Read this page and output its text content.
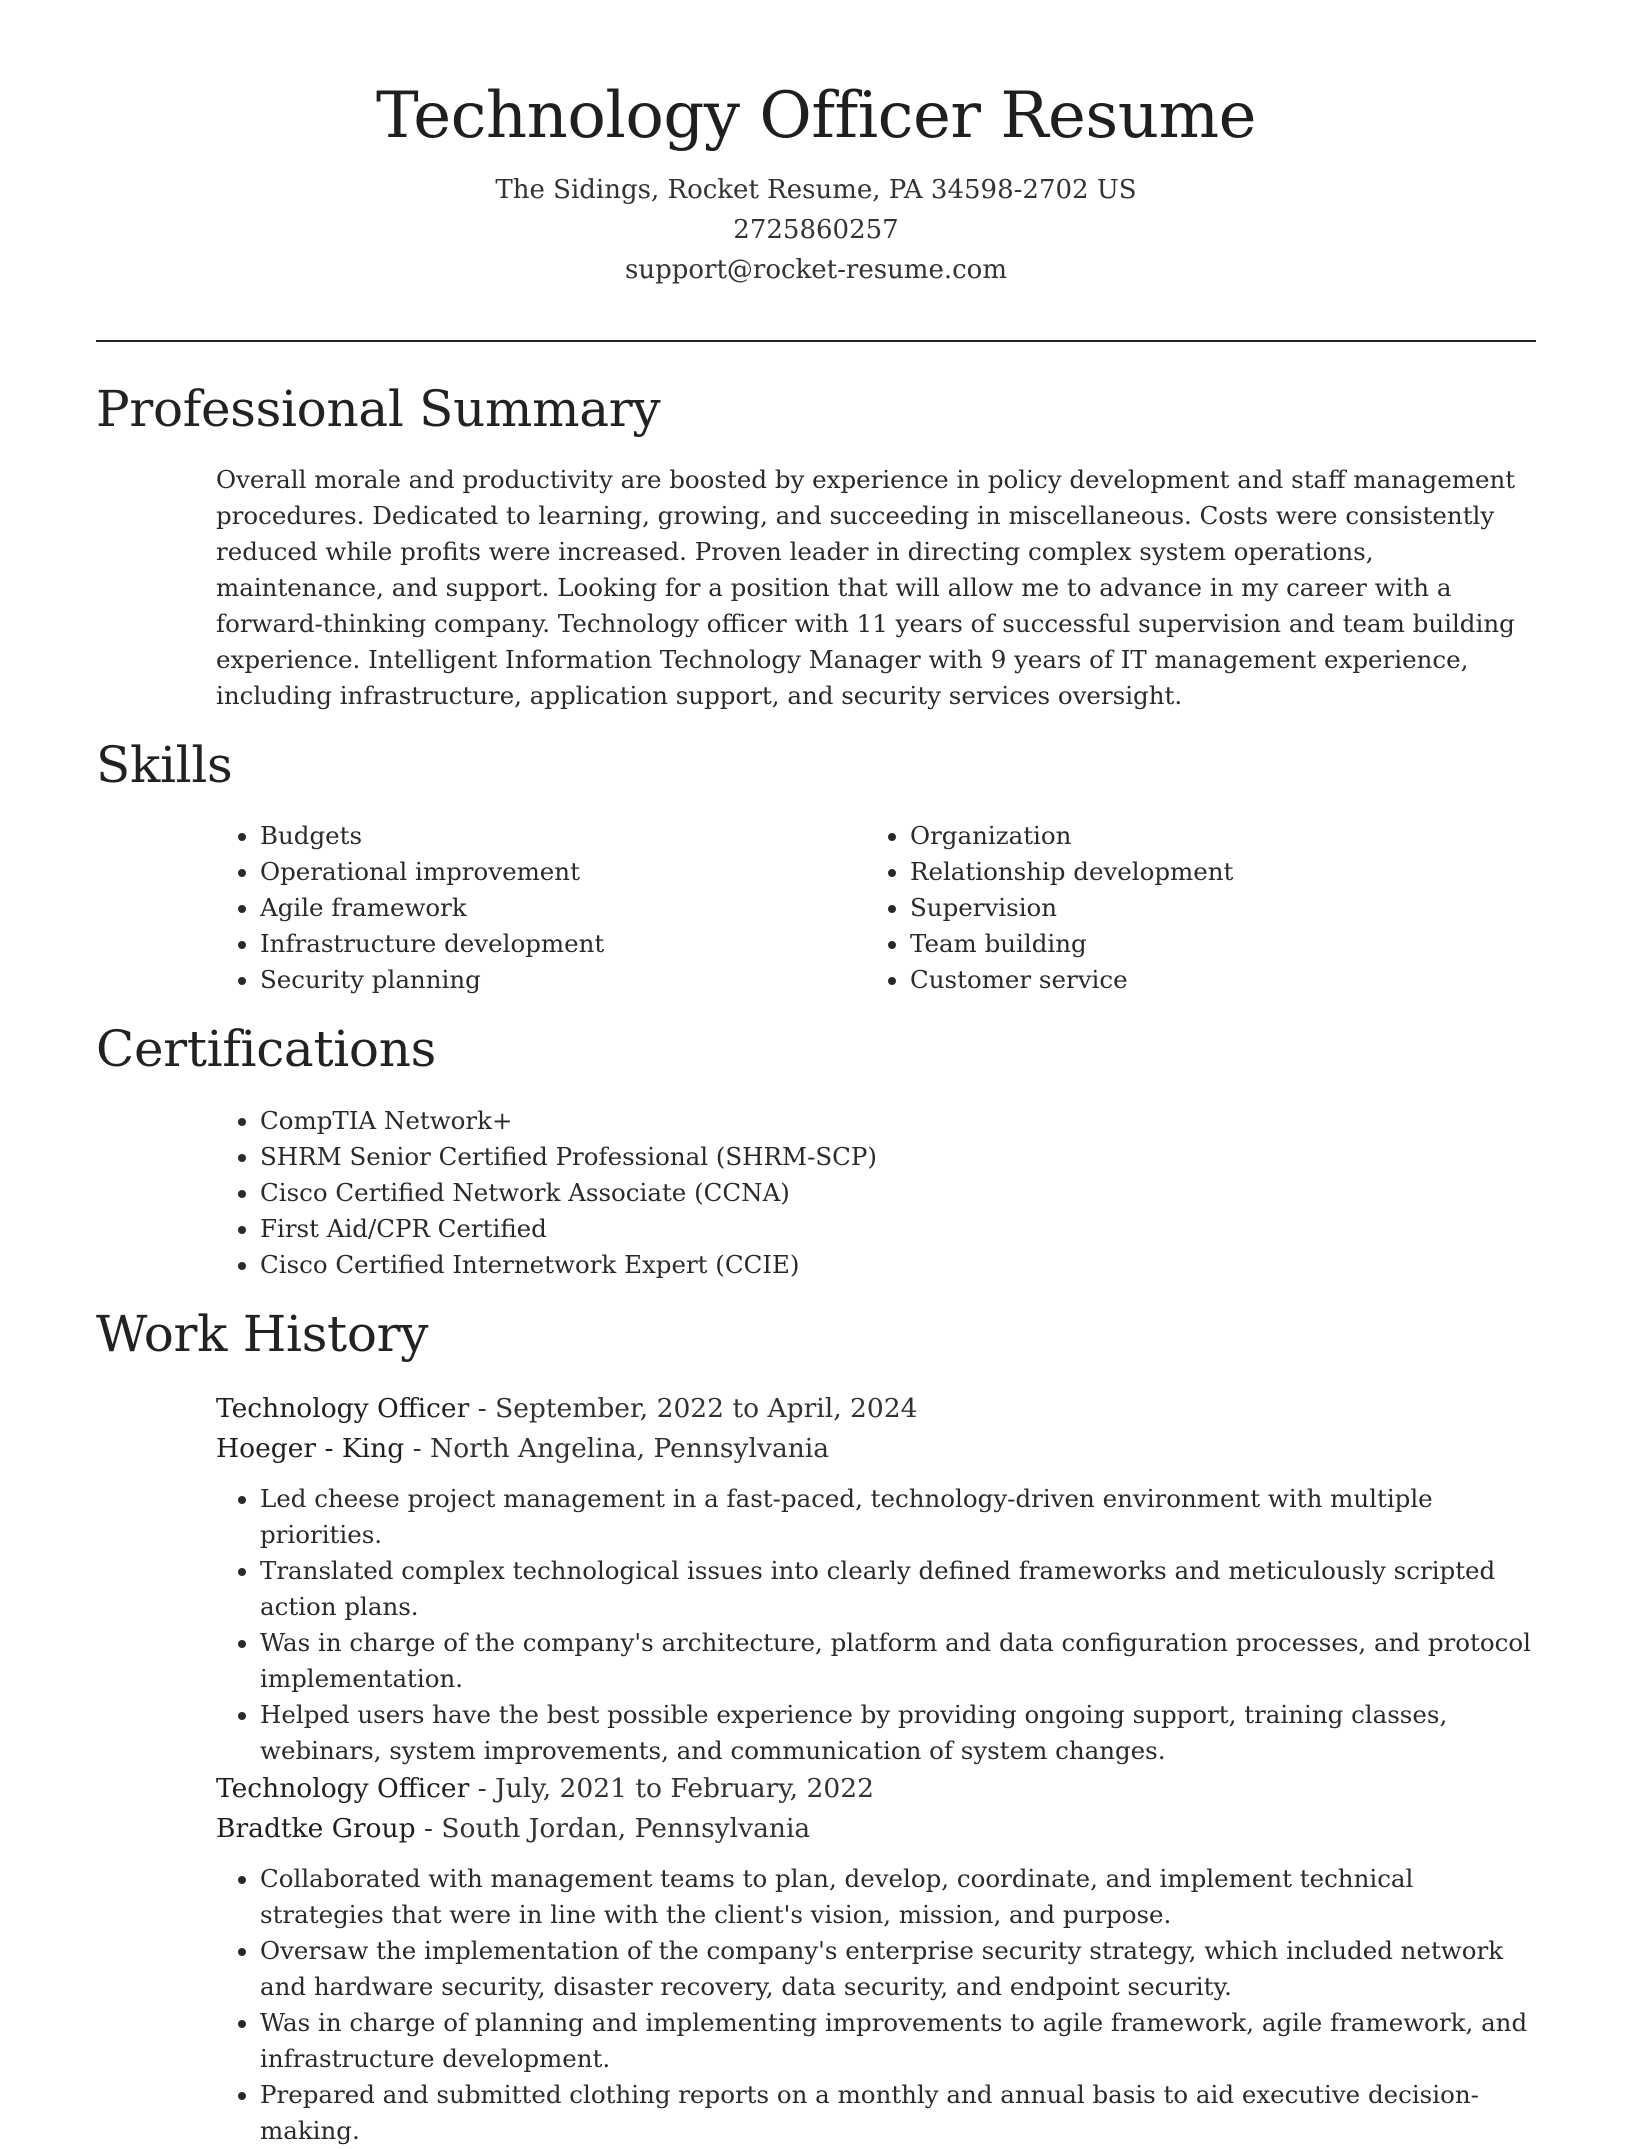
Technology Officer Resume
The Sidings, Rocket Resume, PA 34598-2702 US
2725860257
support@rocket-resume.com
Professional Summary

Overall morale and productivity are boosted by experience in policy development and staff management procedures. Dedicated to learning, growing, and succeeding in miscellaneous. Costs were consistently reduced while profits were increased. Proven leader in directing complex system operations, maintenance, and support. Looking for a position that will allow me to advance in my career with a forward-thinking company. Technology officer with 11 years of successful supervision and team building experience. Intelligent Information Technology Manager with 9 years of IT management experience, including infrastructure, application support, and security services oversight.

Skills
• Budgets
• Operational improvement
• Agile framework
• Infrastructure development
• Security planning
• Organization
• Relationship development
• Supervision
• Team building
• Customer service
Certifications
• CompTIA Network+
• SHRM Senior Certified Professional (SHRM-SCP)
• Cisco Certified Network Associate (CCNA)
• First Aid/CPR Certified
• Cisco Certified Internetwork Expert (CCIE)
Work History

Technology Officer - September, 2022 to April, 2024

Hoeger - King - North Angelina, Pennsylvania

• Led cheese project management in a fast-paced, technology-driven environment with multiple priorities.
• Translated complex technological issues into clearly defined frameworks and meticulously scripted action plans.
• Was in charge of the company's architecture, platform and data configuration processes, and protocol implementation.
• Helped users have the best possible experience by providing ongoing support, training classes, webinars, system improvements, and communication of system changes.

Technology Officer - July, 2021 to February, 2022

Bradtke Group - South Jordan, Pennsylvania

• Collaborated with management teams to plan, develop, coordinate, and implement technical strategies that were in line with the client's vision, mission, and purpose.
• Oversaw the implementation of the company's enterprise security strategy, which included network and hardware security, disaster recovery, data security, and endpoint security.
• Was in charge of planning and implementing improvements to agile framework, agile framework, and infrastructure development.
• Prepared and submitted clothing reports on a monthly and annual basis to aid executive decision-making.
